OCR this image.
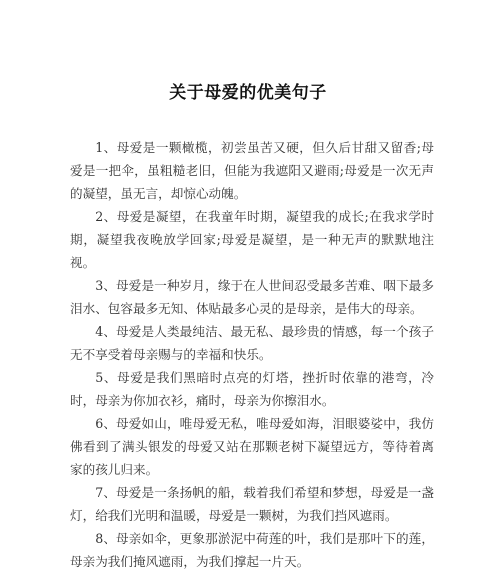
关于母爱的优美句子

1、母爱是一颗橄榄，初尝虽苦又硬，但久后甘甜又留香;母爱是一把伞，虽粗糙老旧，但能为我遮阳又避雨;母爱是一次无声的凝望，虽无言，却惊心动魄。

2、母爱是凝望，在我童年时期，凝望我的成长;在我求学时期，凝望我夜晚放学回家;母爱是凝望，是一种无声的默默地注视。

3、母爱是一种岁月，缘于在人世间忍受最多苦难、咽下最多泪水、包容最多无知、体贴最多心灵的是母亲，是伟大的母亲。

4、母爱是人类最纯洁、最无私、最珍贵的情感，每一个孩子无不享受着母亲赐与的幸福和快乐。

5、母爱是我们黑暗时点亮的灯塔，挫折时依靠的港弯，冷时，母亲为你加衣衫，痛时，母亲为你擦泪水。

6、母爱如山，唯母爱无私，唯母爱如海，泪眼婆娑中，我仿佛看到了满头银发的母爱又站在那颗老树下凝望远方，等待着离家的孩儿归来。

7、母爱是一条扬帆的船，载着我们希望和梦想，母爱是一盏灯，给我们光明和温暖，母爱是一颗树，为我们挡风遮雨。

8、母亲如伞，更象那淤泥中荷莲的叶，我们是那叶下的莲，母亲为我们掩风遮雨，为我们撑起一片天。
